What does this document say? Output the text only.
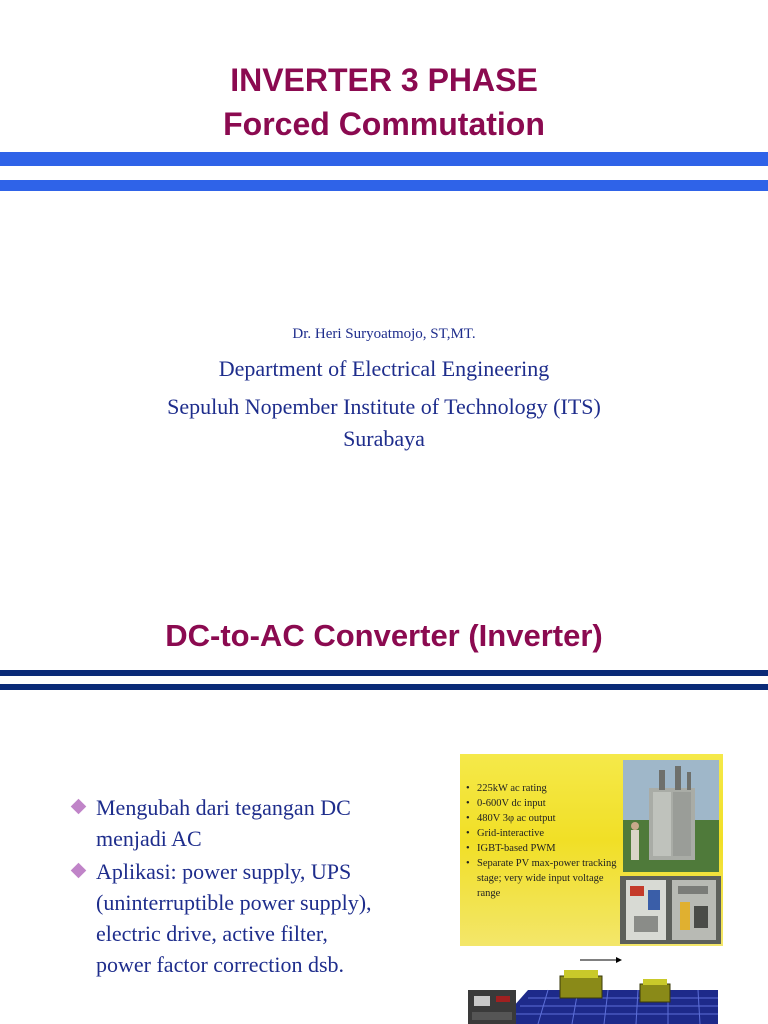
INVERTER 3 PHASE
Forced Commutation
Dr. Heri Suryoatmojo, ST,MT.
Department of Electrical Engineering
Sepuluh Nopember Institute of Technology (ITS)
Surabaya
DC-to-AC Converter (Inverter)
Mengubah dari tegangan DC menjadi AC
Aplikasi: power supply, UPS (uninterruptible power supply), electric drive, active filter, power factor correction dsb.
• 225kW ac rating
• 0-600V dc input
• 480V 3φ ac output
• Grid-interactive
• IGBT-based PWM
• Separate PV max-power tracking stage; very wide input voltage range
